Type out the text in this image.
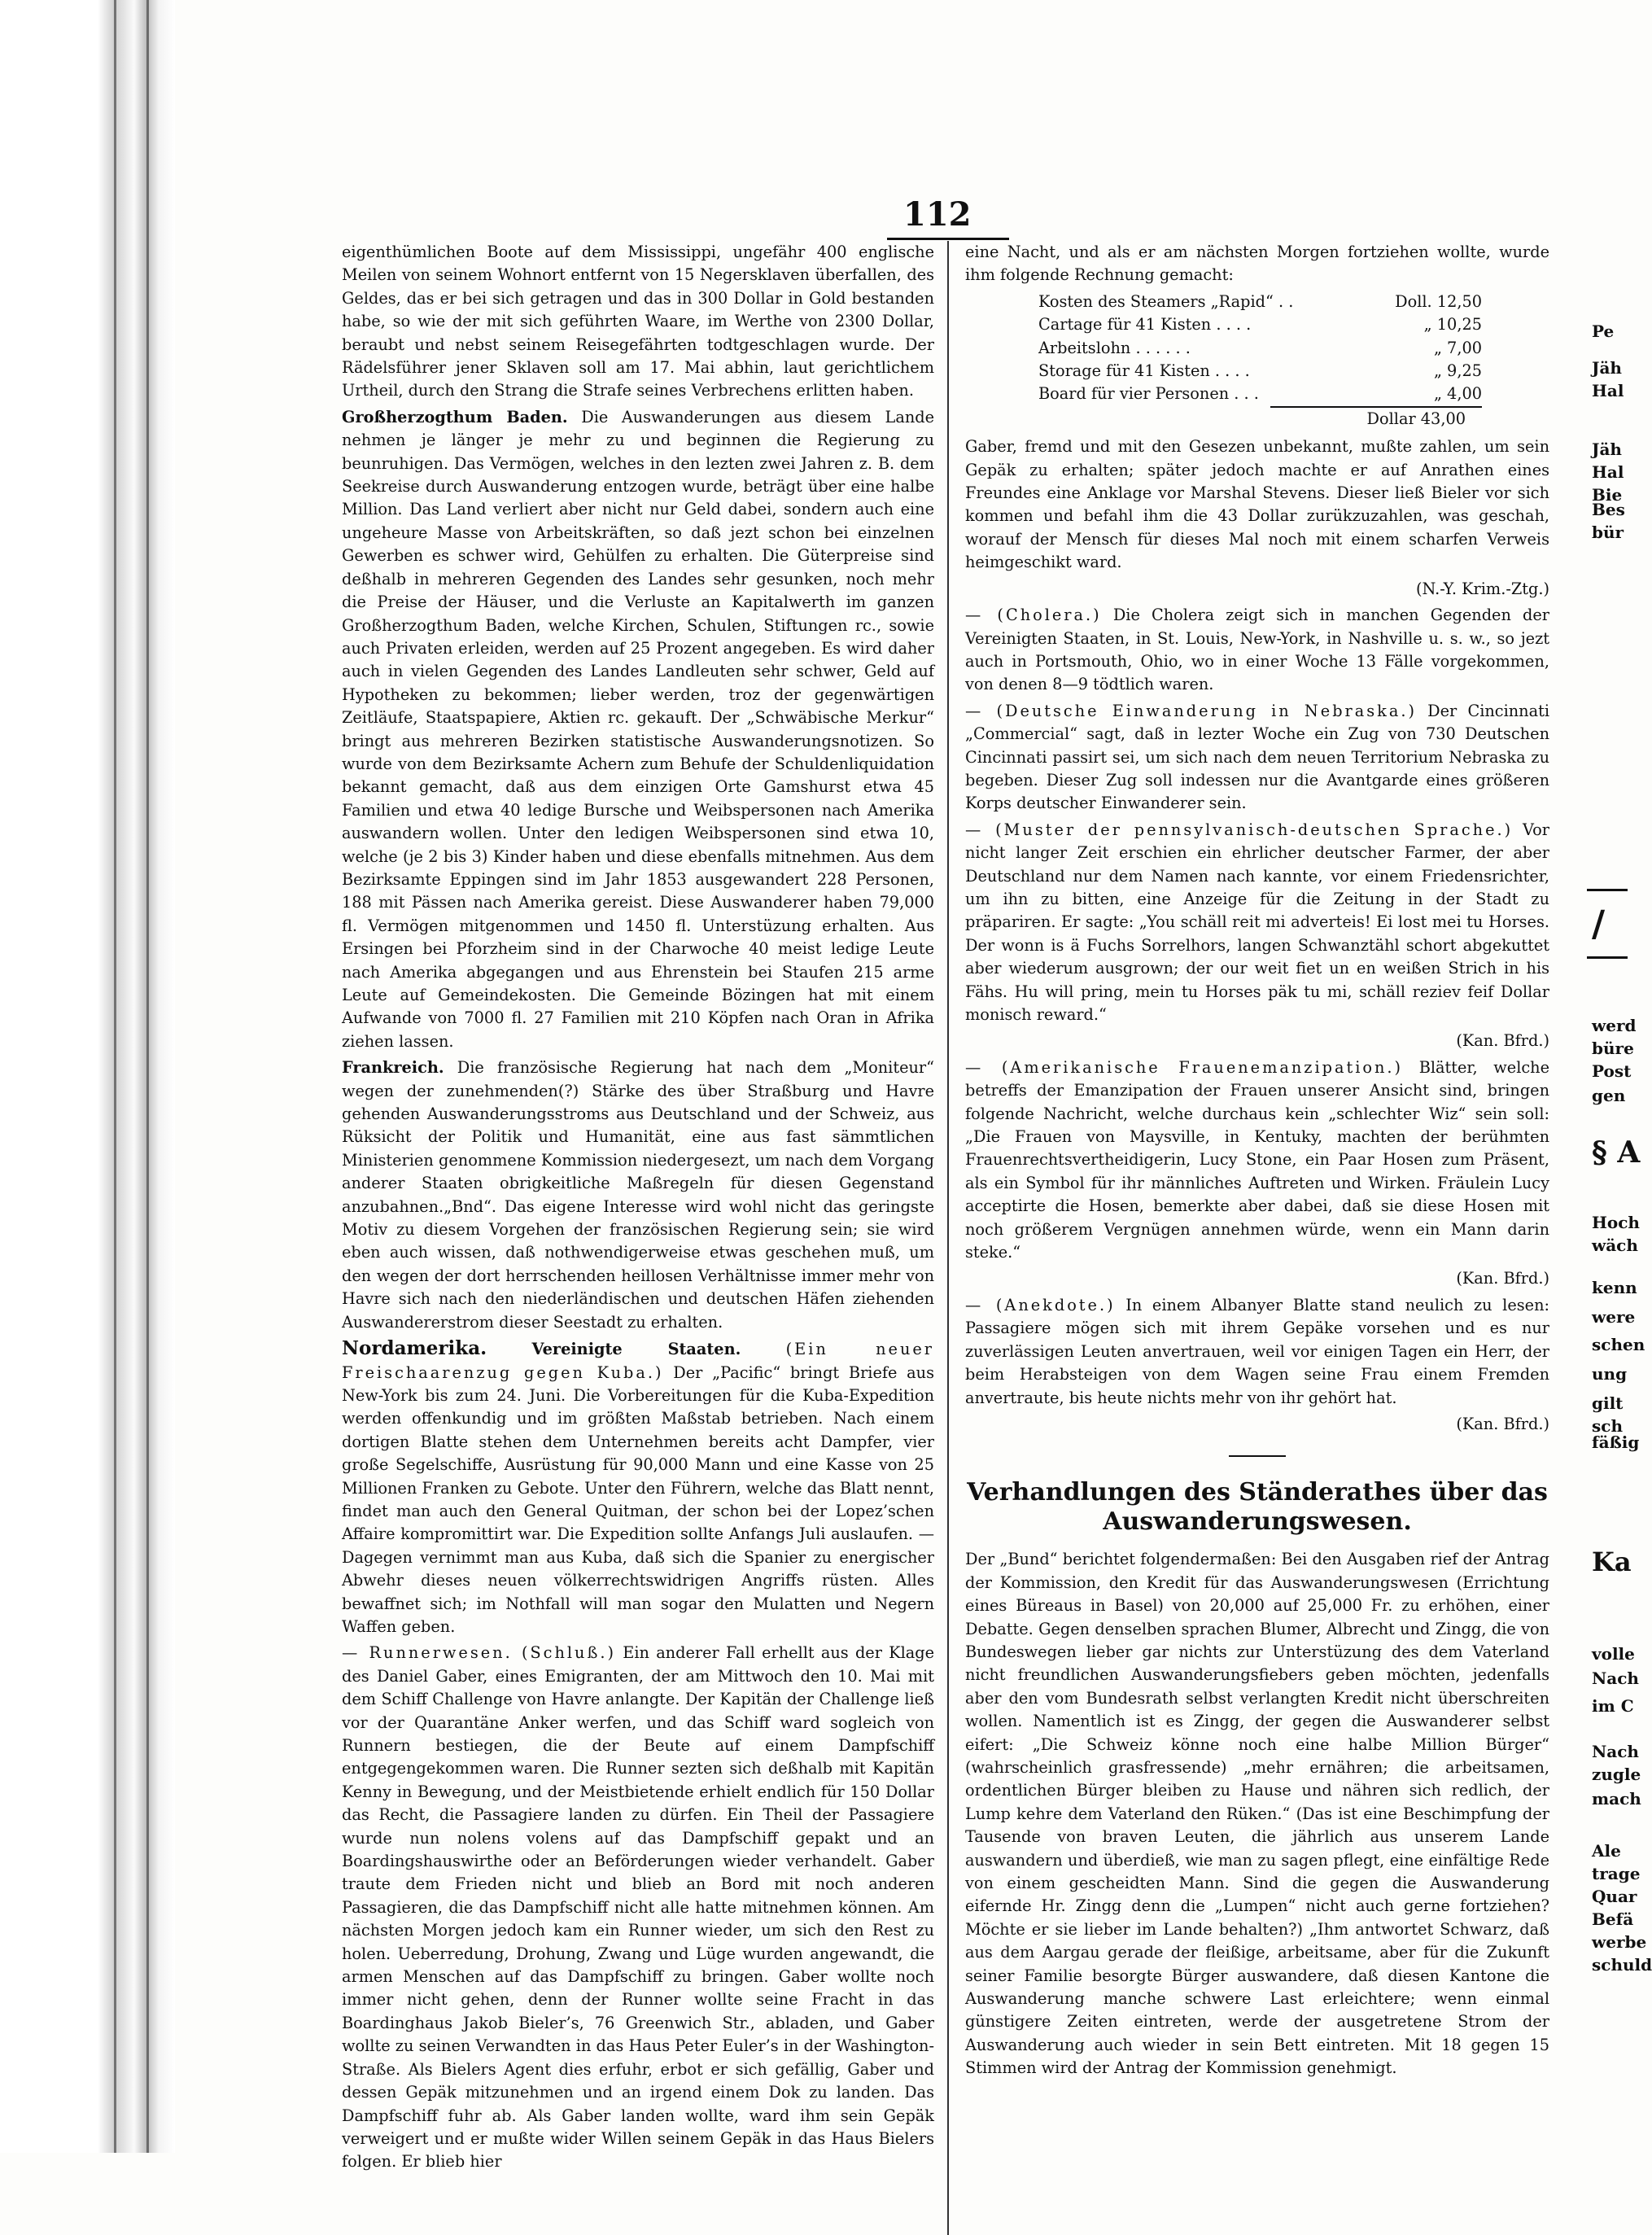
112

eigenthümlichen Boote auf dem Mississippi, ungefähr 400 englische Meilen von seinem Wohnort entfernt von 15 Negersklaven überfallen, des Geldes, das er bei sich getragen und das in 300 Dollar in Gold bestanden habe, so wie der mit sich geführten Waare, im Werthe von 2300 Dollar, beraubt und nebst seinem Reisegefährten todtgeschlagen wurde. Der Rädelsführer jener Sklaven soll am 17. Mai abhin, laut gerichtlichem Urtheil, durch den Strang die Strafe seines Verbrechens erlitten haben.

Großherzogthum Baden. Die Auswanderungen aus diesem Lande nehmen je länger je mehr zu und beginnen die Regierung zu beunruhigen. Das Vermögen, welches in den lezten zwei Jahren z. B. dem Seekreise durch Auswanderung entzogen wurde, beträgt über eine halbe Million. Das Land verliert aber nicht nur Geld dabei, sondern auch eine ungeheure Masse von Arbeitskräften, so daß jezt schon bei einzelnen Gewerben es schwer wird, Gehülfen zu erhalten. Die Güterpreise sind deßhalb in mehreren Gegenden des Landes sehr gesunken, noch mehr die Preise der Häuser, und die Verluste an Kapitalwerth im ganzen Großherzogthum Baden, welche Kirchen, Schulen, Stiftungen rc., sowie auch Privaten erleiden, werden auf 25 Prozent angegeben. Es wird daher auch in vielen Gegenden des Landes Landleuten sehr schwer, Geld auf Hypotheken zu bekommen; lieber werden, troz der gegenwärtigen Zeitläufe, Staatspapiere, Aktien rc. gekauft. Der „Schwäbische Merkur“ bringt aus mehreren Bezirken statistische Auswanderungsnotizen. So wurde von dem Bezirksamte Achern zum Behufe der Schuldenliquidation bekannt gemacht, daß aus dem einzigen Orte Gamshurst etwa 45 Familien und etwa 40 ledige Bursche und Weibspersonen nach Amerika auswandern wollen. Unter den ledigen Weibspersonen sind etwa 10, welche (je 2 bis 3) Kinder haben und diese ebenfalls mitnehmen. Aus dem Bezirksamte Eppingen sind im Jahr 1853 ausgewandert 228 Personen, 188 mit Pässen nach Amerika gereist. Diese Auswanderer haben 79,000 fl. Vermögen mitgenommen und 1450 fl. Unterstüzung erhalten. Aus Ersingen bei Pforzheim sind in der Charwoche 40 meist ledige Leute nach Amerika abgegangen und aus Ehrenstein bei Staufen 215 arme Leute auf Gemeindekosten. Die Gemeinde Bözingen hat mit einem Aufwande von 7000 fl. 27 Familien mit 210 Köpfen nach Oran in Afrika ziehen lassen.

Frankreich. Die französische Regierung hat nach dem „Moniteur“ wegen der zunehmenden(?) Stärke des über Straßburg und Havre gehenden Auswanderungsstroms aus Deutschland und der Schweiz, aus Rüksicht der Politik und Humanität, eine aus fast sämmtlichen Ministerien genommene Kommission niedergesezt, um nach dem Vorgang anderer Staaten obrigkeitliche Maßregeln für diesen Gegenstand anzubahnen.„Bnd“. Das eigene Interesse wird wohl nicht das geringste Motiv zu diesem Vorgehen der französischen Regierung sein; sie wird eben auch wissen, daß nothwendigerweise etwas geschehen muß, um den wegen der dort herrschenden heillosen Verhältnisse immer mehr von Havre sich nach den niederländischen und deutschen Häfen ziehenden Auswandererstrom dieser Seestadt zu erhalten.

Nordamerika.	Vereinigte Staaten.	(Ein neuer Freischaarenzug gegen Kuba.) Der „Pacific“ bringt Briefe aus New-York bis zum 24. Juni. Die Vorbereitungen für die Kuba-Expedition werden offenkundig und im größten Maßstab betrieben. Nach einem dortigen Blatte stehen dem Unternehmen bereits acht Dampfer, vier große Segelschiffe, Ausrüstung für 90,000 Mann und eine Kasse von 25 Millionen Franken zu Gebote. Unter den Führern, welche das Blatt nennt, findet man auch den General Quitman, der schon bei der Lopez’schen Affaire kompromittirt war. Die Expedition sollte Anfangs Juli auslaufen. — Dagegen vernimmt man aus Kuba, daß sich die Spanier zu energischer Abwehr dieses neuen völkerrechtswidrigen Angriffs rüsten. Alles bewaffnet sich; im Nothfall will man sogar den Mulatten und Negern Waffen geben.

— Runnerwesen. (Schluß.) Ein anderer Fall erhellt aus der Klage des Daniel Gaber, eines Emigranten, der am Mittwoch den 10. Mai mit dem Schiff Challenge von Havre anlangte. Der Kapitän der Challenge ließ vor der Quarantäne Anker werfen, und das Schiff ward sogleich von Runnern bestiegen, die der Beute auf einem Dampfschiff entgegengekommen waren. Die Runner sezten sich deßhalb mit Kapitän Kenny in Bewegung, und der Meistbietende erhielt endlich für 150 Dollar das Recht, die Passagiere landen zu dürfen. Ein Theil der Passagiere wurde nun nolens volens auf das Dampfschiff gepakt und an Boardingshauswirthe oder an Beförderungen wieder verhandelt. Gaber traute dem Frieden nicht und blieb an Bord mit noch anderen Passagieren, die das Dampfschiff nicht alle hatte mitnehmen können. Am nächsten Morgen jedoch kam ein Runner wieder, um sich den Rest zu holen. Ueberredung, Drohung, Zwang und Lüge wurden angewandt, die armen Menschen auf das Dampfschiff zu bringen. Gaber wollte noch immer nicht gehen, denn der Runner wollte seine Fracht in das Boardinghaus Jakob Bieler’s, 76 Greenwich Str., abladen, und Gaber wollte zu seinen Verwandten in das Haus Peter Euler’s in der Washington-Straße. Als Bielers Agent dies erfuhr, erbot er sich gefällig, Gaber und dessen Gepäk mitzunehmen und an irgend einem Dok zu landen. Das Dampfschiff fuhr ab. Als Gaber landen wollte, ward ihm sein Gepäk verweigert und er mußte wider Willen seinem Gepäk in das Haus Bielers folgen. Er blieb hier

eine Nacht, und als er am nächsten Morgen fortziehen wollte, wurde ihm folgende Rechnung gemacht:

Kosten des Steamers „Rapid“ . .	Doll. 12,50
Cartage für 41 Kisten . . . .	„ 10,25
Arbeitslohn . . . . . .	„ 7,00
Storage für 41 Kisten . . . .	„ 9,25
Board für vier Personen . . .	„ 4,00
Dollar 43,00

Gaber, fremd und mit den Gesezen unbekannt, mußte zahlen, um sein Gepäk zu erhalten; später jedoch machte er auf Anrathen eines Freundes eine Anklage vor Marshal Stevens. Dieser ließ Bieler vor sich kommen und befahl ihm die 43 Dollar zurükzuzahlen, was geschah, worauf der Mensch für dieses Mal noch mit einem scharfen Verweis heimgeschikt ward.

(N.-Y. Krim.-Ztg.)

— (Cholera.) Die Cholera zeigt sich in manchen Gegenden der Vereinigten Staaten, in St. Louis, New-York, in Nashville u. s. w., so jezt auch in Portsmouth, Ohio, wo in einer Woche 13 Fälle vorgekommen, von denen 8—9 tödtlich waren.

— (Deutsche Einwanderung in Nebraska.) Der Cincinnati „Commercial“ sagt, daß in lezter Woche ein Zug von 730 Deutschen Cincinnati passirt sei, um sich nach dem neuen Territorium Nebraska zu begeben. Dieser Zug soll indessen nur die Avantgarde eines größeren Korps deutscher Einwanderer sein.

— (Muster der pennsylvanisch-deutschen Sprache.) Vor nicht langer Zeit erschien ein ehrlicher deutscher Farmer, der aber Deutschland nur dem Namen nach kannte, vor einem Friedensrichter, um ihn zu bitten, eine Anzeige für die Zeitung in der Stadt zu präpariren. Er sagte: „You schäll reit mi adverteis! Ei lost mei tu Horses. Der wonn is ä Fuchs Sorrelhors, langen Schwanztähl schort abgekuttet aber wiederum ausgrown; der our weit fiet un en weißen Strich in his Fähs. Hu will pring, mein tu Horses päk tu mi, schäll reziev feif Dollar monisch reward.“

(Kan. Bfrd.)

— (Amerikanische Frauenemanzipation.) Blätter, welche betreffs der Emanzipation der Frauen unserer Ansicht sind, bringen folgende Nachricht, welche durchaus kein „schlechter Wiz“ sein soll: „Die Frauen von Maysville, in Kentuky, machten der berühmten Frauenrechtsvertheidigerin, Lucy Stone, ein Paar Hosen zum Präsent, als ein Symbol für ihr männliches Auftreten und Wirken. Fräulein Lucy acceptirte die Hosen, bemerkte aber dabei, daß sie diese Hosen mit noch größerem Vergnügen annehmen würde, wenn ein Mann darin steke.“

(Kan. Bfrd.)

— (Anekdote.) In einem Albanyer Blatte stand neulich zu lesen: Passagiere mögen sich mit ihrem Gepäke vorsehen und es nur zuverlässigen Leuten anvertrauen, weil vor einigen Tagen ein Herr, der beim Herabsteigen von dem Wagen seine Frau einem Fremden anvertraute, bis heute nichts mehr von ihr gehört hat.

(Kan. Bfrd.)

Verhandlungen des Ständerathes über das Auswanderungswesen.

Der „Bund“ berichtet folgendermaßen: Bei den Ausgaben rief der Antrag der Kommission, den Kredit für das Auswanderungswesen (Errichtung eines Büreaus in Basel) von 20,000 auf 25,000 Fr. zu erhöhen, einer Debatte. Gegen denselben sprachen Blumer, Albrecht und Zingg, die von Bundeswegen lieber gar nichts zur Unterstüzung des dem Vaterland nicht freundlichen Auswanderungsfiebers geben möchten, jedenfalls aber den vom Bundesrath selbst verlangten Kredit nicht überschreiten wollen. Namentlich ist es Zingg, der gegen die Auswanderer selbst eifert: „Die Schweiz könne noch eine halbe Million Bürger“ (wahrscheinlich grasfressende) „mehr ernähren; die arbeitsamen, ordentlichen Bürger bleiben zu Hause und nähren sich redlich, der Lump kehre dem Vaterland den Rüken.“ (Das ist eine Beschimpfung der Tausende von braven Leuten, die jährlich aus unserem Lande auswandern und überdieß, wie man zu sagen pflegt, eine einfältige Rede von einem gescheidten Mann. Sind die gegen die Auswanderung eifernde Hr. Zingg denn die „Lumpen“ nicht auch gerne fortziehen? Möchte er sie lieber im Lande behalten?) „Ihm antwortet Schwarz, daß aus dem Aargau gerade der fleißige, arbeitsame, aber für die Zukunft seiner Familie besorgte Bürger auswandere, daß diesen Kantone die Auswanderung manche schwere Last erleichtere; wenn einmal günstigere Zeiten eintreten, werde der ausgetretene Strom der Auswanderung auch wieder in sein Bett eintreten. Mit 18 gegen 15 Stimmen wird der Antrag der Kommission genehmigt.

Pe
Jäh
Hal
Jäh
Hal
Bie
Bes
bür
/
werd
büre
Post
gen
§ A
Hoch
wäch
kenn
were
schen
ung
gilt
sch
fäßig
Ka
volle
Nach
im C
Nach
zugle
mach
Ale
trage
Quar
Befä
werbe
schuld
